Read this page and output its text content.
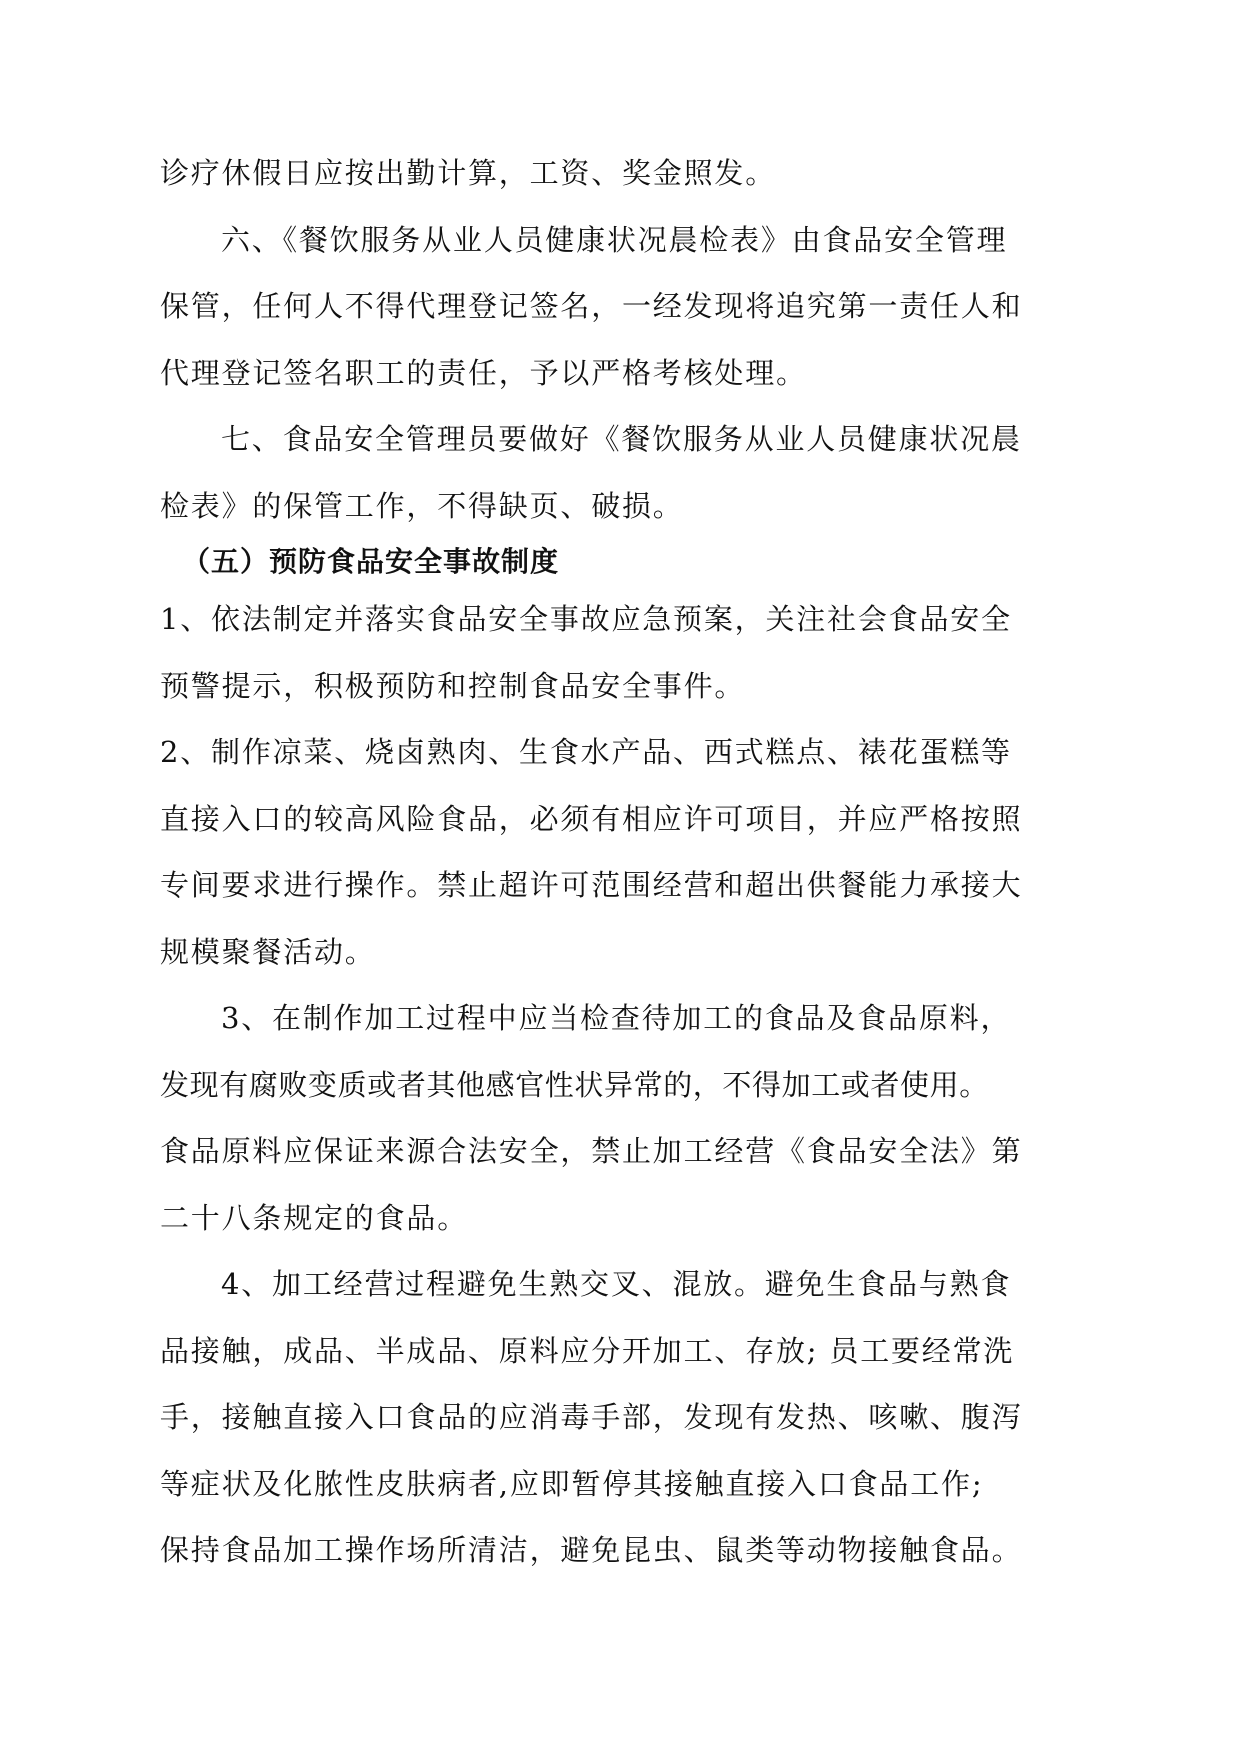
诊疗休假日应按出勤计算，工资、奖金照发。
六、《餐饮服务从业人员健康状况晨检表》由食品安全管理
保管，任何人不得代理登记签名，一经发现将追究第一责任人和
代理登记签名职工的责任，予以严格考核处理。
七、食品安全管理员要做好《餐饮服务从业人员健康状况晨
检表》的保管工作，不得缺页、破损。
（五）预防食品安全事故制度
1、依法制定并落实食品安全事故应急预案，关注社会食品安全
预警提示，积极预防和控制食品安全事件。
2、制作凉菜、烧卤熟肉、生食水产品、西式糕点、裱花蛋糕等
直接入口的较高风险食品，必须有相应许可项目，并应严格按照
专间要求进行操作。禁止超许可范围经营和超出供餐能力承接大
规模聚餐活动。
3、在制作加工过程中应当检查待加工的食品及食品原料，
发现有腐败变质或者其他感官性状异常的，不得加工或者使用。
食品原料应保证来源合法安全，禁止加工经营《食品安全法》第
二十八条规定的食品。
4、加工经营过程避免生熟交叉、混放。避免生食品与熟食
品接触，成品、半成品、原料应分开加工、存放; 员工要经常洗
手，接触直接入口食品的应消毒手部，发现有发热、咳嗽、腹泻
等症状及化脓性皮肤病者,应即暂停其接触直接入口食品工作;
保持食品加工操作场所清洁，避免昆虫、鼠类等动物接触食品。
